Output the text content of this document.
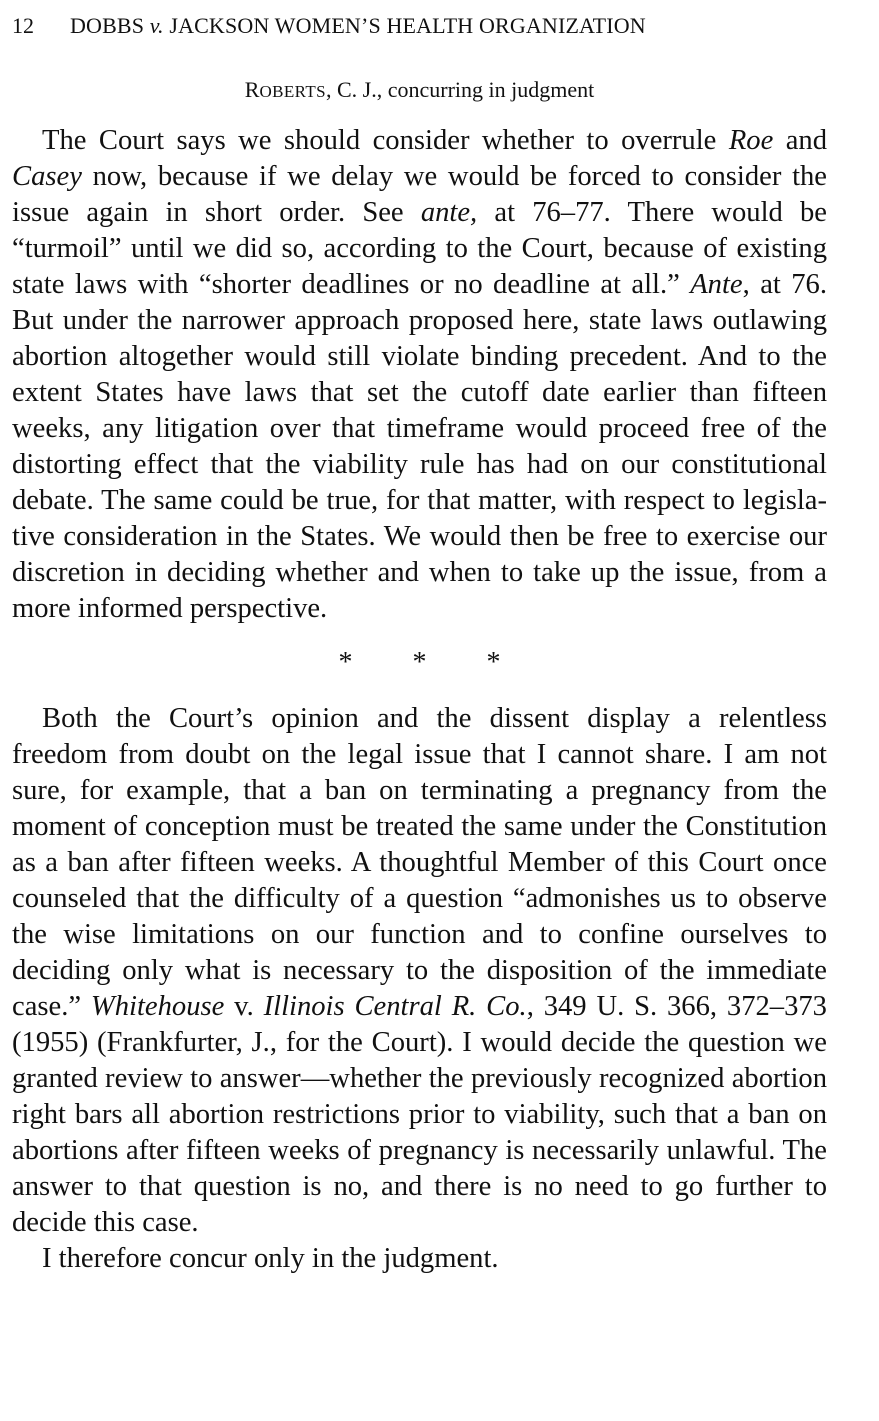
12	DOBBS v. JACKSON WOMEN’S HEALTH ORGANIZATION
ROBERTS, C. J., concurring in judgment

The Court says we should consider whether to overrule Roe and Casey now, because if we delay we would be forced to consider the issue again in short order. See ante, at 76–77. There would be “turmoil” until we did so, according to the Court, because of existing state laws with “shorter deadlines or no deadline at all.” Ante, at 76. But under the narrower approach proposed here, state laws outlawing abortion altogether would still violate binding precedent. And to the extent States have laws that set the cutoff date earlier than fifteen weeks, any litigation over that timeframe would proceed free of the distorting effect that the viability rule has had on our constitutional debate. The same could be true, for that matter, with respect to legislative consideration in the States. We would then be free to exercise our discretion in deciding whether and when to take up the issue, from a more informed perspective.

* * *

Both the Court’s opinion and the dissent display a relentless freedom from doubt on the legal issue that I cannot share. I am not sure, for example, that a ban on terminating a pregnancy from the moment of conception must be treated the same under the Constitution as a ban after fifteen weeks. A thoughtful Member of this Court once counseled that the difficulty of a question “admonishes us to observe the wise limitations on our function and to confine ourselves to deciding only what is necessary to the disposition of the immediate case.” Whitehouse v. Illinois Central R. Co., 349 U. S. 366, 372–373 (1955) (Frankfurter, J., for the Court). I would decide the question we granted review to answer—whether the previously recognized abortion right bars all abortion restrictions prior to viability, such that a ban on abortions after fifteen weeks of pregnancy is necessarily unlawful. The answer to that question is no, and there is no need to go further to decide this case.

I therefore concur only in the judgment.
